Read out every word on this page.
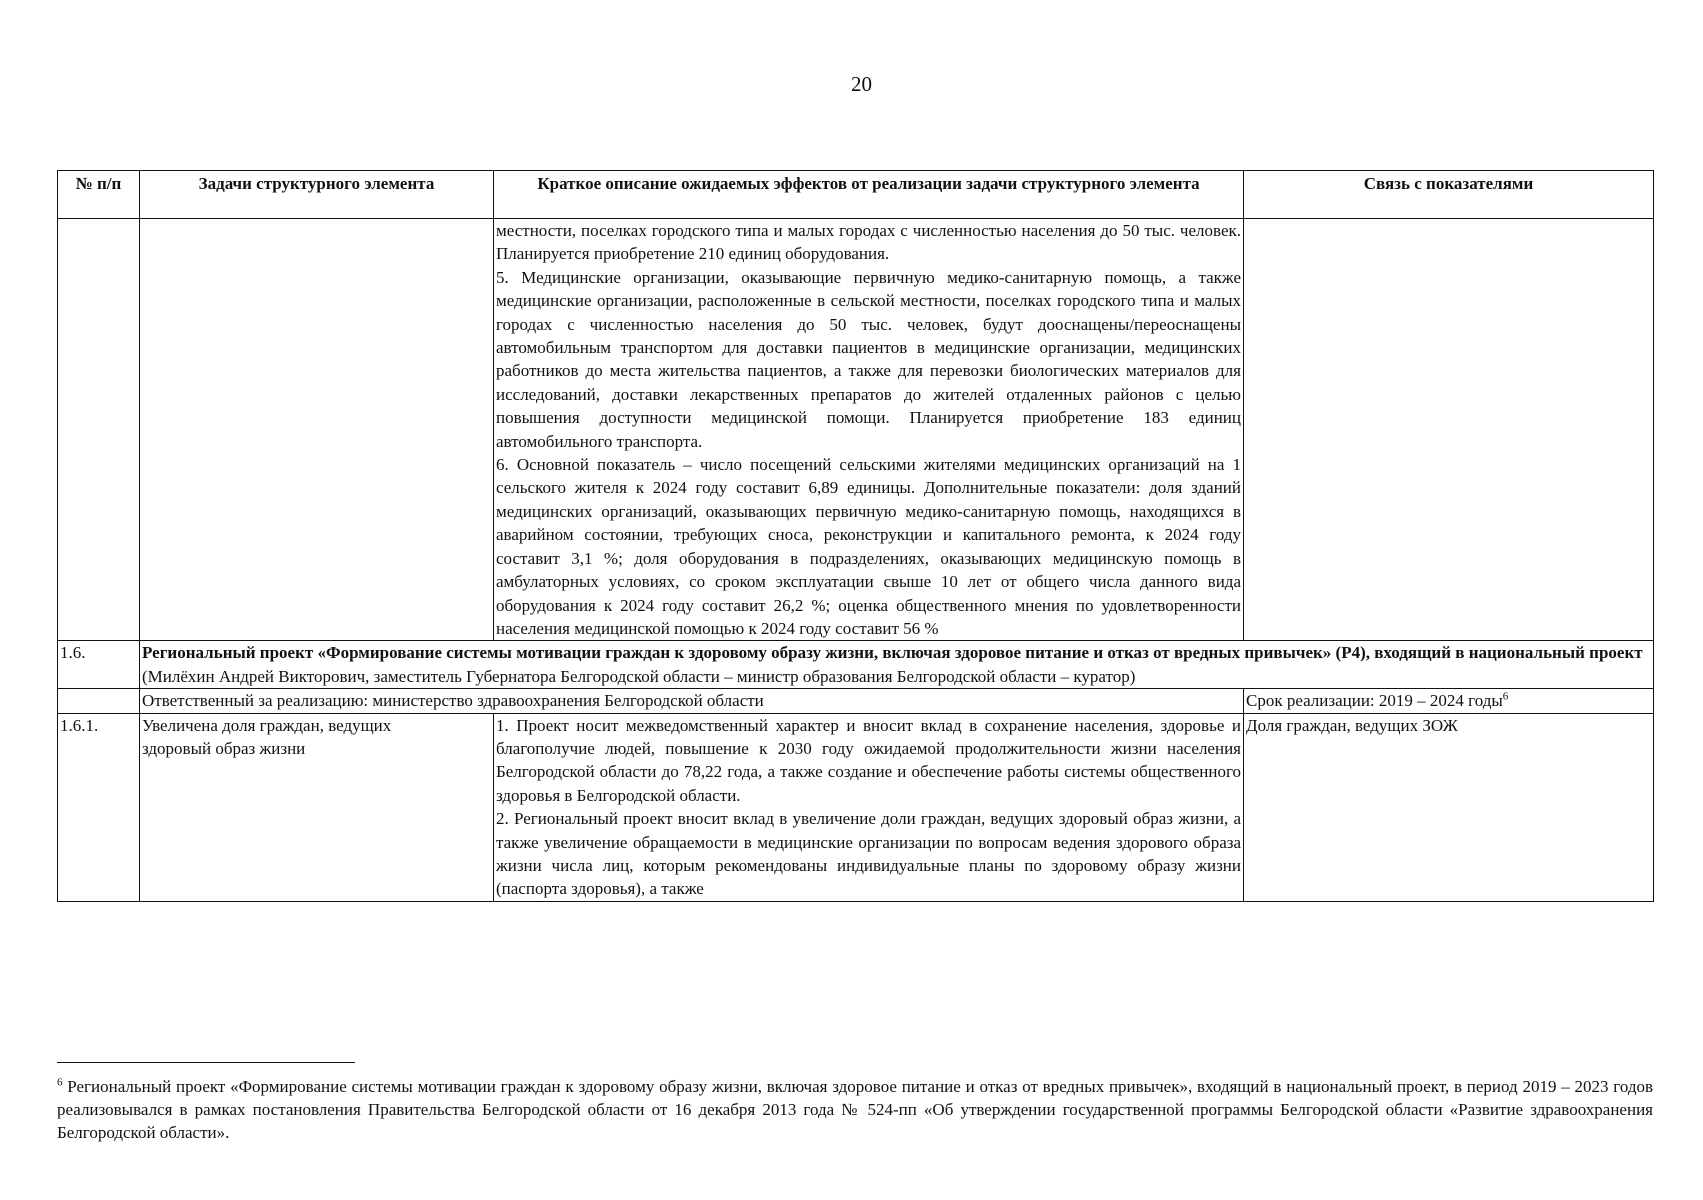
20
№ п/п	Задачи структурного элемента	Краткое описание ожидаемых эффектов от реализации задачи структурного элемента	Связь с показателями

		местности, поселках городского типа и малых городах с численностью населения до 50 тыс. человек. Планируется приобретение 210 единиц оборудования.
5. Медицинские организации, оказывающие первичную медико-санитарную помощь, а также медицинские организации, расположенные в сельской местности, поселках городского типа и малых городах с численностью населения до 50 тыс. человек, будут дооснащены/переоснащены автомобильным транспортом для доставки пациентов в медицинские организации, медицинских работников до места жительства пациентов, а также для перевозки биологических материалов для исследований, доставки лекарственных препаратов до жителей отдаленных районов с целью повышения доступности медицинской помощи. Планируется приобретение 183 единиц автомобильного транспорта.
6. Основной показатель – число посещений сельскими жителями медицинских организаций на 1 сельского жителя к 2024 году составит 6,89 единицы. Дополнительные показатели: доля зданий медицинских организаций, оказывающих первичную медико-санитарную помощь, находящихся в аварийном состоянии, требующих сноса, реконструкции и капитального ремонта, к 2024 году составит 3,1 %; доля оборудования в подразделениях, оказывающих медицинскую помощь в амбулаторных условиях, со сроком эксплуатации свыше 10 лет от общего числа данного вида оборудования к 2024 году составит 26,2 %; оценка общественного мнения по удовлетворенности населения медицинской помощью к 2024 году составит 56 %	

1.6.	Региональный проект «Формирование системы мотивации граждан к здоровому образу жизни, включая здоровое питание и отказ от вредных привычек» (Р4), входящий в национальный проект
(Милёхин Андрей Викторович, заместитель Губернатора Белгородской области – министр образования Белгородской области – куратор)		

	Ответственный за реализацию: министерство здравоохранения Белгородской области		Срок реализации: 2019 – 2024 годы$^6$
1.6.1.	Увеличена доля граждан, ведущих здоровый образ жизни	1. Проект носит межведомственный характер и вносит вклад в сохранение населения, здоровье и благополучие людей, повышение к 2030 году ожидаемой продолжительности жизни населения Белгородской области до 78,22 года, а также создание и обеспечение работы системы общественного здоровья в Белгородской области.
2. Региональный проект вносит вклад в увеличение доли граждан, ведущих здоровый образ жизни, а также увеличение обращаемости в медицинские организации по вопросам ведения здорового образа жизни числа лиц, которым рекомендованы индивидуальные планы по здоровому образу жизни (паспорта здоровья), а также	Доля граждан, ведущих ЗОЖ
$^6$ Региональный проект «Формирование системы мотивации граждан к здоровому образу жизни, включая здоровое питание и отказ от вредных привычек», входящий в национальный проект, в период 2019 – 2023 годов реализовывался в рамках постановления Правительства Белгородской области от 16 декабря 2013 года № 524-пп «Об утверждении государственной программы Белгородской области «Развитие здравоохранения Белгородской области».
